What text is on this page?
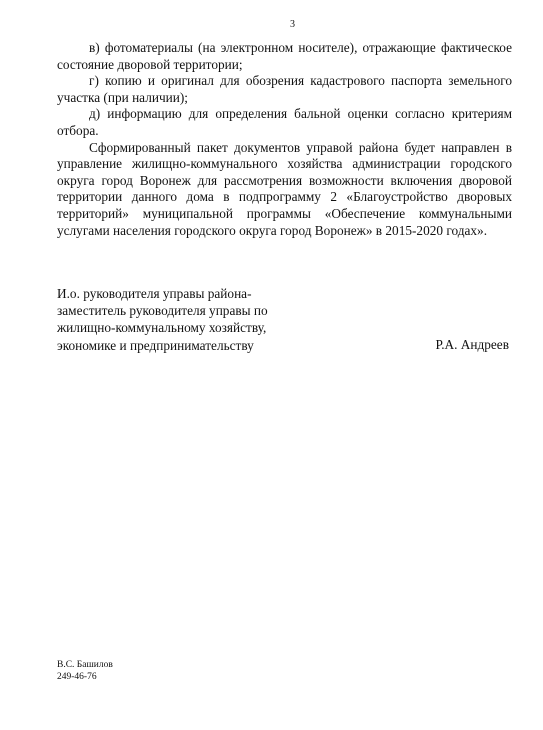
3

в) фотоматериалы (на электронном носителе), отражающие фактическое состояние дворовой территории;

г) копию и оригинал для обозрения кадастрового паспорта земельного участка (при наличии);

д) информацию для определения бальной оценки согласно критериям отбора.

Сформированный пакет документов управой района будет направлен в управление жилищно-коммунального хозяйства администрации городского округа город Воронеж для рассмотрения возможности включения дворовой территории данного дома в подпрограмму 2 «Благоустройство дворовых территорий» муниципальной программы «Обеспечение коммунальными услугами населения городского округа город Воронеж» в 2015-2020 годах».

И.о. руководителя управы района-
заместитель руководителя управы по
жилищно-коммунальному хозяйству,
экономике и предпринимательству	Р.А. Андреев
В.С. Башилов
249-46-76
